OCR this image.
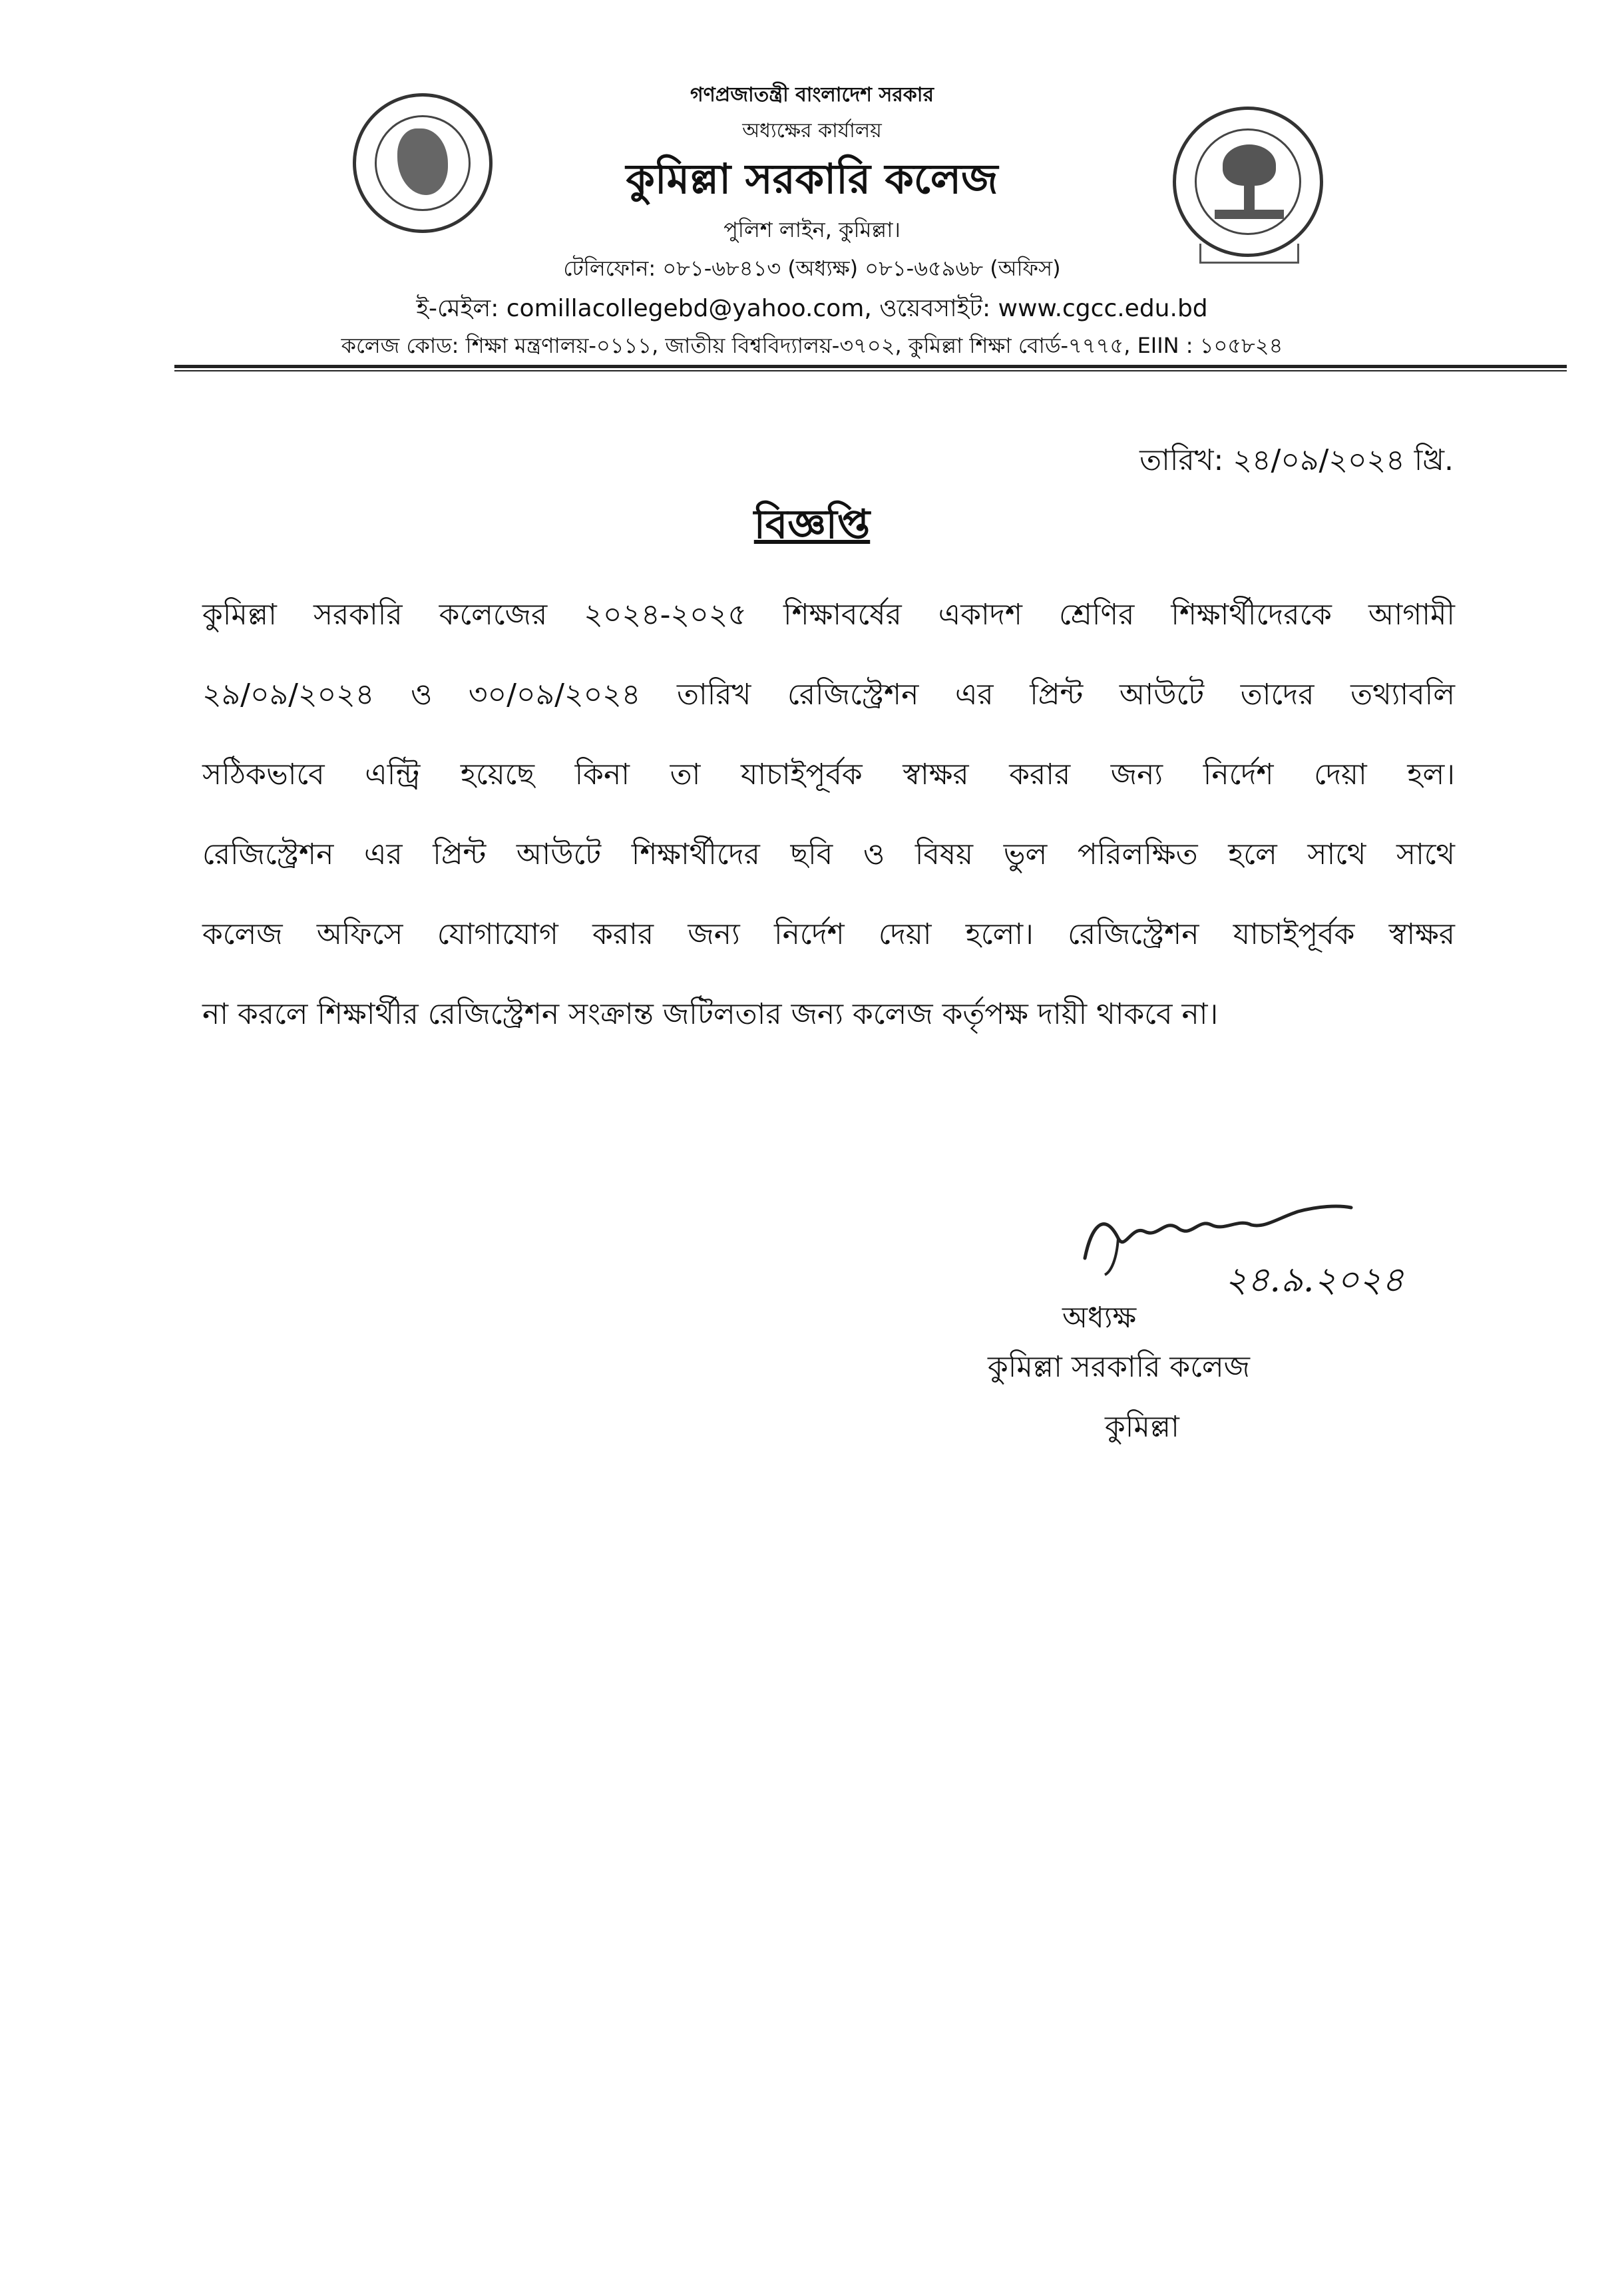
গণপ্রজাতন্ত্রী বাংলাদেশ সরকার
অধ্যক্ষের কার্যালয়
কুমিল্লা সরকারি কলেজ
পুলিশ লাইন, কুমিল্লা।
টেলিফোন: ০৮১-৬৮৪১৩ (অধ্যক্ষ) ০৮১-৬৫৯৬৮ (অফিস)
ই-মেইল: comillacollegebd@yahoo.com, ওয়েবসাইট: www.cgcc.edu.bd
কলেজ কোড: শিক্ষা মন্ত্রণালয়-০১১১, জাতীয় বিশ্ববিদ্যালয়-৩৭০২, কুমিল্লা শিক্ষা বোর্ড-৭৭৭৫, EIIN : ১০৫৮২৪
তারিখ: ২৪/০৯/২০২৪ খ্রি.
বিজ্ঞপ্তি
কুমিল্লা সরকারি কলেজের ২০২৪-২০২৫ শিক্ষাবর্ষের একাদশ শ্রেণির শিক্ষার্থীদেরকে আগামী
২৯/০৯/২০২৪ ও ৩০/০৯/২০২৪ তারিখ রেজিস্ট্রেশন এর প্রিন্ট আউটে তাদের তথ্যাবলি
সঠিকভাবে এন্ট্রি হয়েছে কিনা তা যাচাইপূর্বক স্বাক্ষর করার জন্য নির্দেশ দেয়া হল।
রেজিস্ট্রেশন এর প্রিন্ট আউটে শিক্ষার্থীদের ছবি ও বিষয় ভুল পরিলক্ষিত হলে সাথে সাথে
কলেজ অফিসে যোগাযোগ করার জন্য নির্দেশ দেয়া হলো। রেজিস্ট্রেশন যাচাইপূর্বক স্বাক্ষর
না করলে শিক্ষার্থীর রেজিস্ট্রেশন সংক্রান্ত জটিলতার জন্য কলেজ কর্তৃপক্ষ দায়ী থাকবে না।
২৪.৯.২০২৪
অধ্যক্ষ
কুমিল্লা সরকারি কলেজ
কুমিল্লা
